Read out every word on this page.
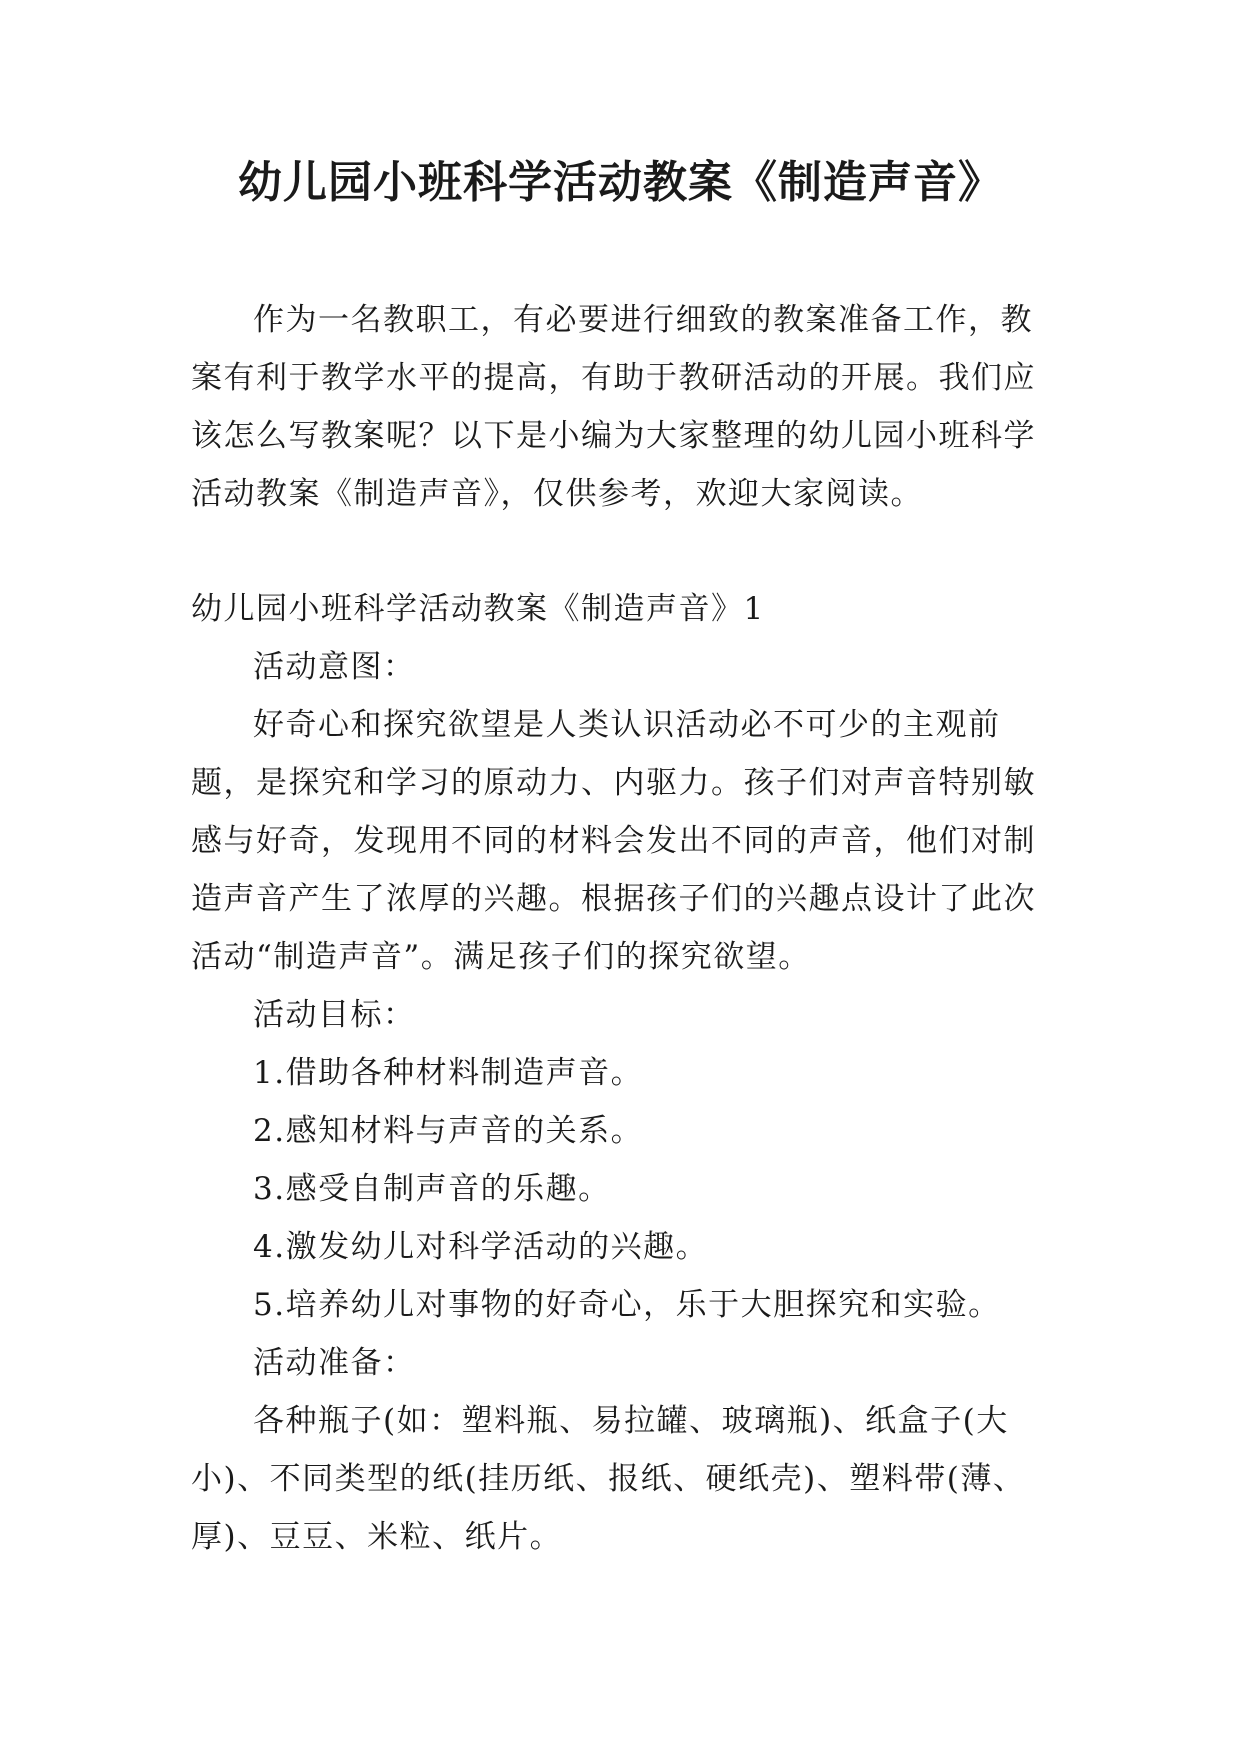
幼儿园小班科学活动教案《制造声音》

作为一名教职工，有必要进行细致的教案准备工作，教案有利于教学水平的提高，有助于教研活动的开展。我们应该怎么写教案呢？以下是小编为大家整理的幼儿园小班科学活动教案《制造声音》，仅供参考，欢迎大家阅读。

幼儿园小班科学活动教案《制造声音》1

活动意图：

好奇心和探究欲望是人类认识活动必不可少的主观前题，是探究和学习的原动力、内驱力。孩子们对声音特别敏感与好奇，发现用不同的材料会发出不同的声音，他们对制造声音产生了浓厚的兴趣。根据孩子们的兴趣点设计了此次活动“制造声音”。满足孩子们的探究欲望。

活动目标：

1.借助各种材料制造声音。

2.感知材料与声音的关系。

3.感受自制声音的乐趣。

4.激发幼儿对科学活动的兴趣。

5.培养幼儿对事物的好奇心，乐于大胆探究和实验。

活动准备：

各种瓶子(如：塑料瓶、易拉罐、玻璃瓶)、纸盒子(大小)、不同类型的纸(挂历纸、报纸、硬纸壳)、塑料带(薄、厚)、豆豆、米粒、纸片。
